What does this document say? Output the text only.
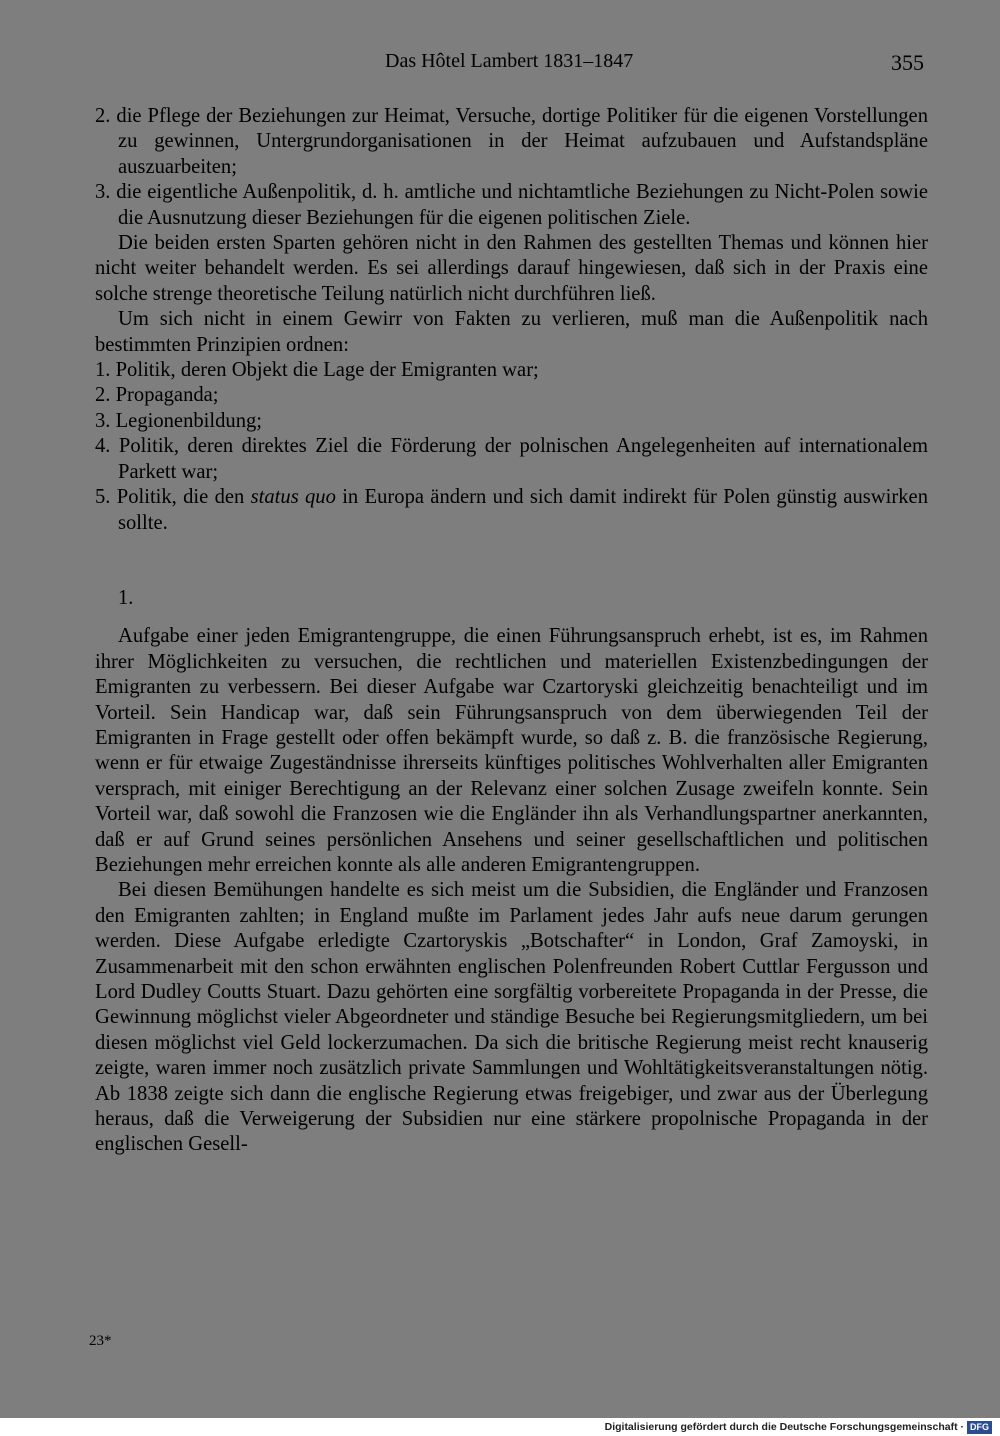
Das Hôtel Lambert 1831–1847	355

2. die Pflege der Beziehungen zur Heimat, Versuche, dortige Politiker für die eigenen Vorstellungen zu gewinnen, Untergrundorganisationen in der Heimat aufzubauen und Aufstandspläne auszuarbeiten;

3. die eigentliche Außenpolitik, d. h. amtliche und nichtamtliche Beziehungen zu Nicht-Polen sowie die Ausnutzung dieser Beziehungen für die eigenen politischen Ziele.

Die beiden ersten Sparten gehören nicht in den Rahmen des gestellten Themas und können hier nicht weiter behandelt werden. Es sei allerdings darauf hingewiesen, daß sich in der Praxis eine solche strenge theoretische Teilung natürlich nicht durchführen ließ.

Um sich nicht in einem Gewirr von Fakten zu verlieren, muß man die Außenpolitik nach bestimmten Prinzipien ordnen:

1. Politik, deren Objekt die Lage der Emigranten war;

2. Propaganda;

3. Legionenbildung;

4. Politik, deren direktes Ziel die Förderung der polnischen Angelegenheiten auf internationalem Parkett war;

5. Politik, die den status quo in Europa ändern und sich damit indirekt für Polen günstig auswirken sollte.

1.

Aufgabe einer jeden Emigrantengruppe, die einen Führungsanspruch erhebt, ist es, im Rahmen ihrer Möglichkeiten zu versuchen, die rechtlichen und materiellen Existenzbedingungen der Emigranten zu verbessern. Bei dieser Aufgabe war Czartoryski gleichzeitig benachteiligt und im Vorteil. Sein Handicap war, daß sein Führungsanspruch von dem überwiegenden Teil der Emigranten in Frage gestellt oder offen bekämpft wurde, so daß z. B. die französische Regierung, wenn er für etwaige Zugeständnisse ihrerseits künftiges politisches Wohlverhalten aller Emigranten versprach, mit einiger Berechtigung an der Relevanz einer solchen Zusage zweifeln konnte. Sein Vorteil war, daß sowohl die Franzosen wie die Engländer ihn als Verhandlungspartner anerkannten, daß er auf Grund seines persönlichen Ansehens und seiner gesellschaftlichen und politischen Beziehungen mehr erreichen konnte als alle anderen Emigrantengruppen.

Bei diesen Bemühungen handelte es sich meist um die Subsidien, die Engländer und Franzosen den Emigranten zahlten; in England mußte im Parlament jedes Jahr aufs neue darum gerungen werden. Diese Aufgabe erledigte Czartoryskis „Botschafter“ in London, Graf Zamoyski, in Zusammenarbeit mit den schon erwähnten englischen Polenfreunden Robert Cuttlar Fergusson und Lord Dudley Coutts Stuart. Dazu gehörten eine sorgfältig vorbereitete Propaganda in der Presse, die Gewinnung möglichst vieler Abgeordneter und ständige Besuche bei Regierungsmitgliedern, um bei diesen möglichst viel Geld lockerzumachen. Da sich die britische Regierung meist recht knauserig zeigte, waren immer noch zusätzlich private Sammlungen und Wohltätigkeitsveranstaltungen nötig. Ab 1838 zeigte sich dann die englische Regierung etwas freigebiger, und zwar aus der Überlegung heraus, daß die Verweigerung der Subsidien nur eine stärkere propolnische Propaganda in der englischen Gesell-

23*
Digitalisierung gefördert durch die Deutsche Forschungsgemeinschaft · DFG
